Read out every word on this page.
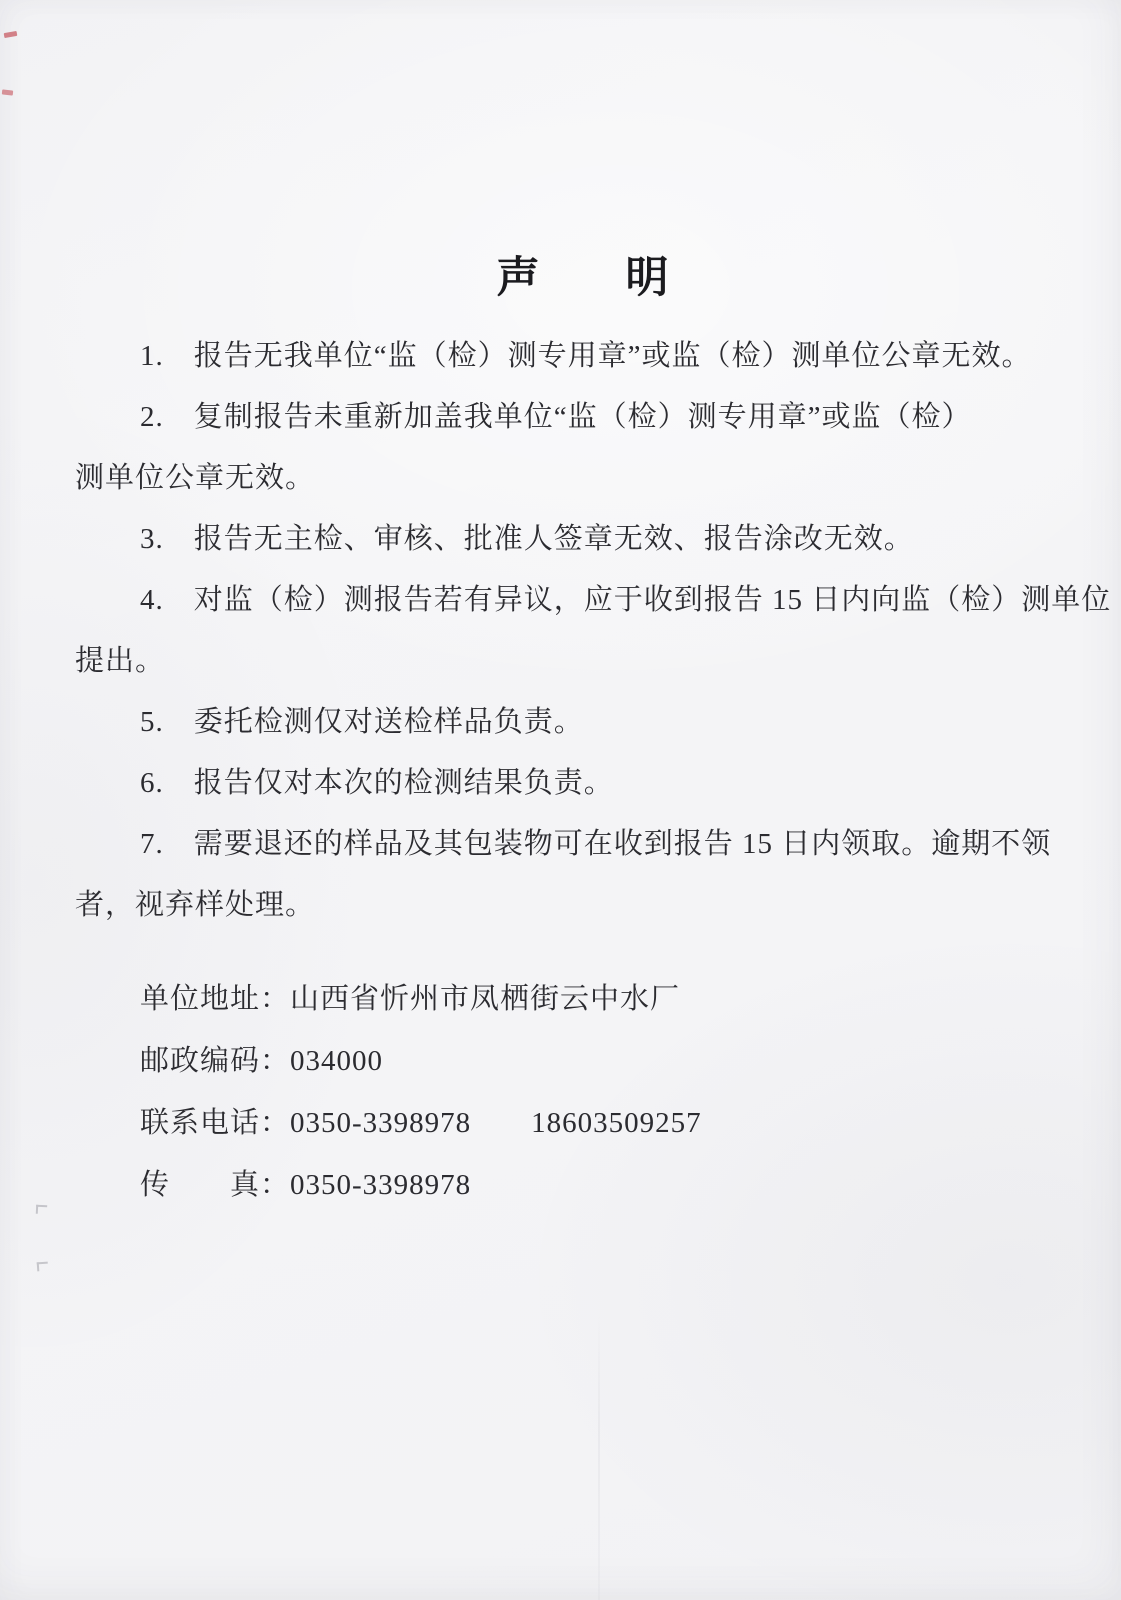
声　　明
1.　报告无我单位“监（检）测专用章”或监（检）测单位公章无效。
2.　复制报告未重新加盖我单位“监（检）测专用章”或监（检）
测单位公章无效。
3.　报告无主检、审核、批准人签章无效、报告涂改无效。
4.　对监（检）测报告若有异议，应于收到报告 15 日内向监（检）测单位
提出。
5.　委托检测仅对送检样品负责。
6.　报告仅对本次的检测结果负责。
7.　需要退还的样品及其包装物可在收到报告 15 日内领取。逾期不领
者，视弃样处理。
单位地址：山西省忻州市凤栖街云中水厂
邮政编码：034000
联系电话：0350-3398978　　18603509257
传　　真：0350-3398978
